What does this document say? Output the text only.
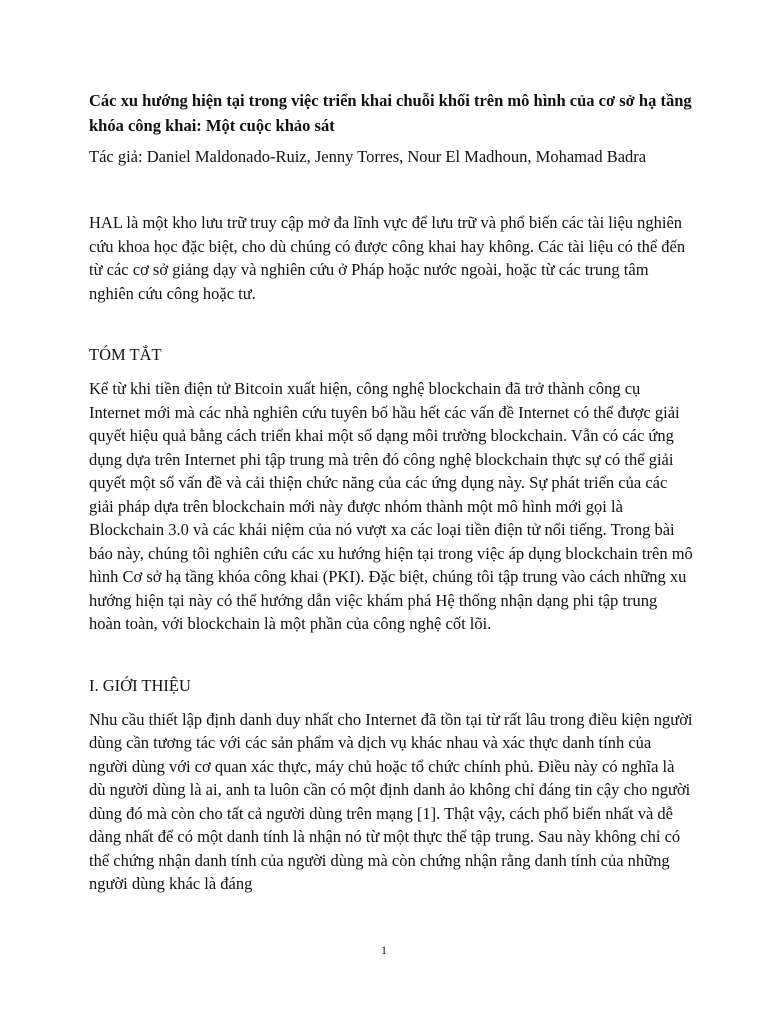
Các xu hướng hiện tại trong việc triển khai chuỗi khối trên mô hình của cơ sở hạ tầng khóa công khai: Một cuộc khảo sát

Tác giả: Daniel Maldonado-Ruiz, Jenny Torres, Nour El Madhoun, Mohamad Badra

HAL là một kho lưu trữ truy cập mở đa lĩnh vực để lưu trữ và phổ biến các tài liệu nghiên cứu khoa học đặc biệt, cho dù chúng có được công khai hay không. Các tài liệu có thể đến từ các cơ sở giảng dạy và nghiên cứu ở Pháp hoặc nước ngoài, hoặc từ các trung tâm nghiên cứu công hoặc tư.

TÓM TẮT

Kể từ khi tiền điện tử Bitcoin xuất hiện, công nghệ blockchain đã trở thành công cụ Internet mới mà các nhà nghiên cứu tuyên bố hầu hết các vấn đề Internet có thể được giải quyết hiệu quả bằng cách triển khai một số dạng môi trường blockchain. Vẫn có các ứng dụng dựa trên Internet phi tập trung mà trên đó công nghệ blockchain thực sự có thể giải quyết một số vấn đề và cải thiện chức năng của các ứng dụng này. Sự phát triển của các giải pháp dựa trên blockchain mới này được nhóm thành một mô hình mới gọi là Blockchain 3.0 và các khái niệm của nó vượt xa các loại tiền điện tử nổi tiếng. Trong bài báo này, chúng tôi nghiên cứu các xu hướng hiện tại trong việc áp dụng blockchain trên mô hình Cơ sở hạ tầng khóa công khai (PKI). Đặc biệt, chúng tôi tập trung vào cách những xu hướng hiện tại này có thể hướng dẫn việc khám phá Hệ thống nhận dạng phi tập trung hoàn toàn, với blockchain là một phần của công nghệ cốt lõi.

I. GIỚI THIỆU

Nhu cầu thiết lập định danh duy nhất cho Internet đã tồn tại từ rất lâu trong điều kiện người dùng cần tương tác với các sản phẩm và dịch vụ khác nhau và xác thực danh tính của người dùng với cơ quan xác thực, máy chủ hoặc tổ chức chính phủ. Điều này có nghĩa là dù người dùng là ai, anh ta luôn cần có một định danh ảo không chỉ đáng tin cậy cho người dùng đó mà còn cho tất cả người dùng trên mạng [1]. Thật vậy, cách phổ biến nhất và dễ dàng nhất để có một danh tính là nhận nó từ một thực thể tập trung. Sau này không chỉ có thể chứng nhận danh tính của người dùng mà còn chứng nhận rằng danh tính của những người dùng khác là đáng

1
